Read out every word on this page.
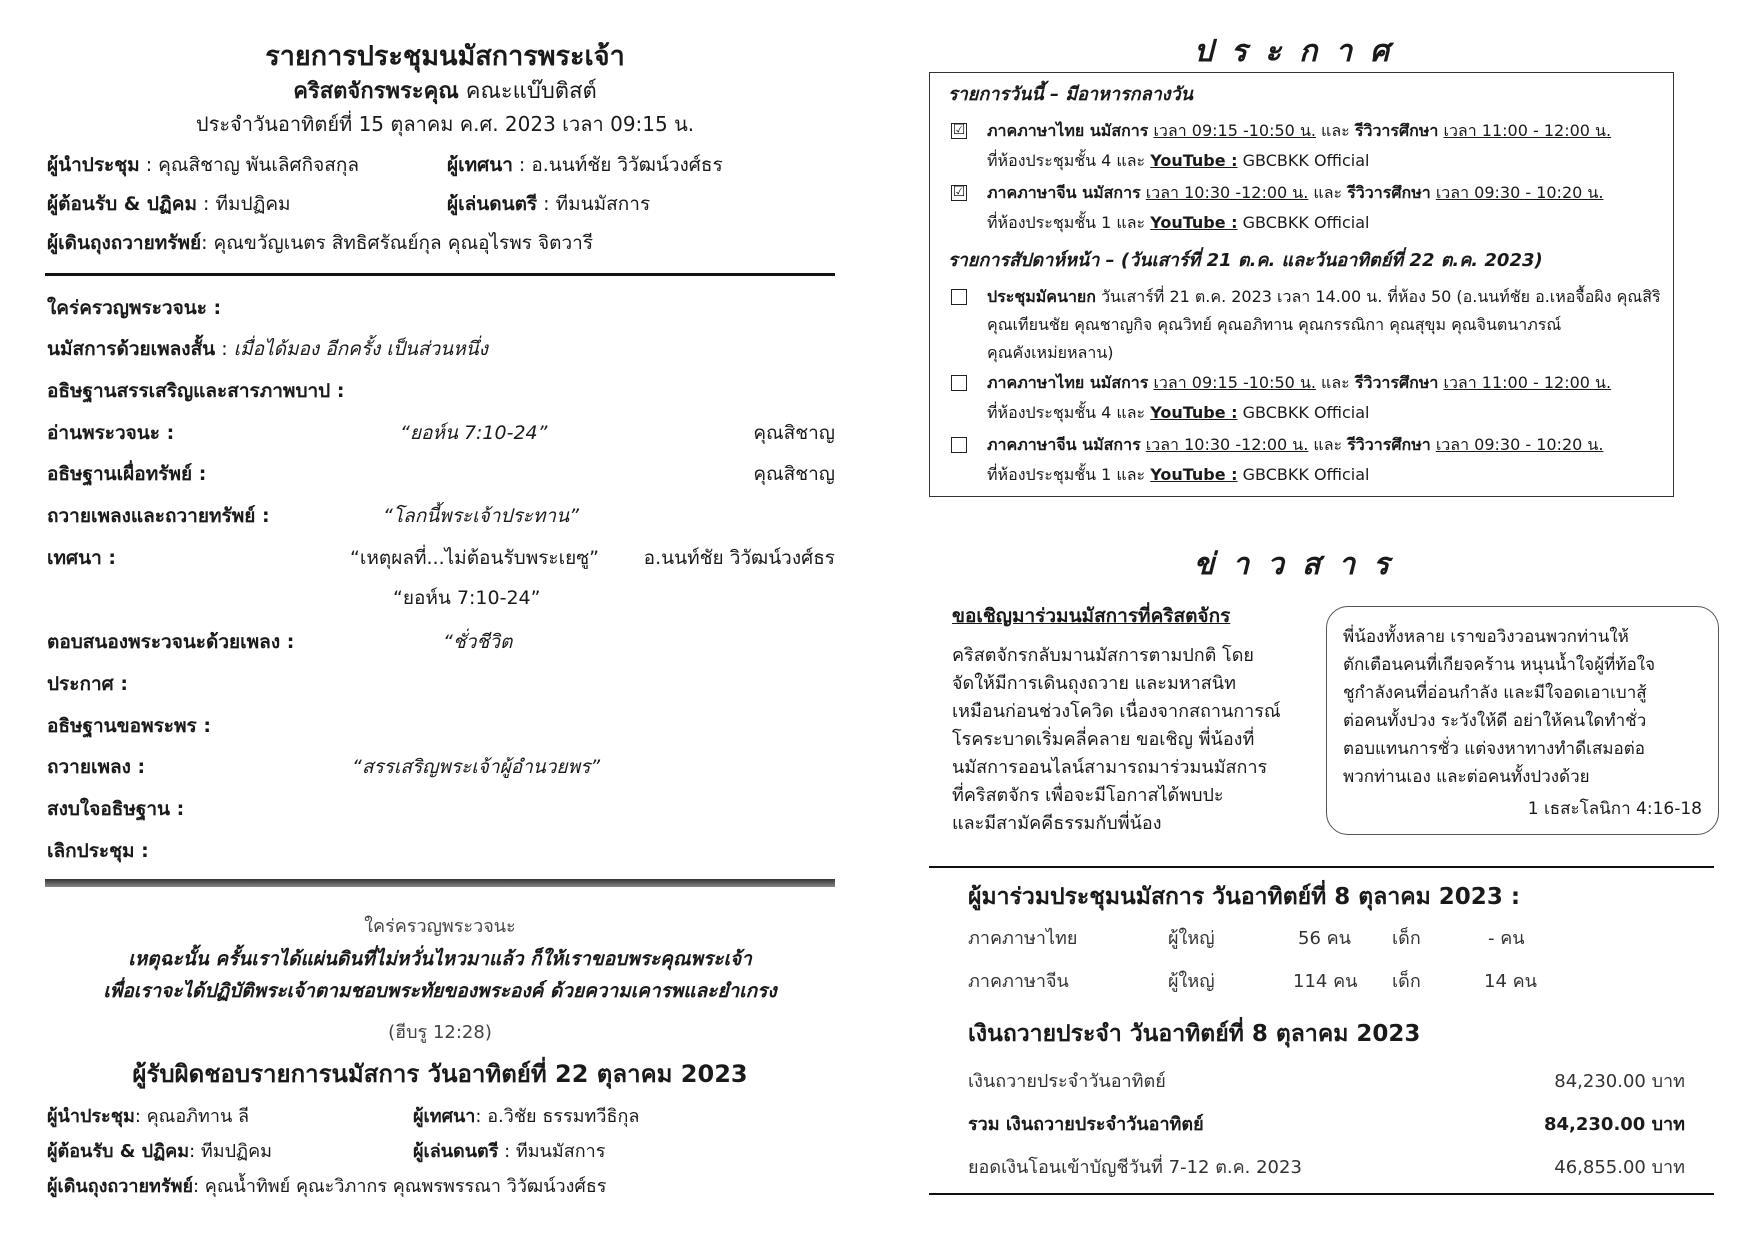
รายการประชุมนมัสการพระเจ้า
คริสตจักรพระคุณ คณะแบ๊บติสต์
ประจำวันอาทิตย์ที่ 15 ตุลาคม ค.ศ. 2023 เวลา 09:15 น.
ผู้นำประชุม : คุณสิชาญ พันเลิศกิจสกุล	ผู้เทศนา : อ.นนท์ชัย วิวัฒน์วงศ์ธร
ผู้ต้อนรับ & ปฏิคม : ทีมปฏิคม	ผู้เล่นดนตรี : ทีมนมัสการ
ผู้เดินถุงถวายทรัพย์: คุณขวัญเนตร สิทธิศรัณย์กุล คุณอุไรพร จิตวารี
ใคร่ครวญพระวจนะ :
นมัสการด้วยเพลงสั้น : เมื่อได้มอง อีกครั้ง เป็นส่วนหนึ่ง
อธิษฐานสรรเสริญและสารภาพบาป :
อ่านพระวจนะ :	“ยอห์น 7:10-24”	คุณสิชาญ
อธิษฐานเผื่อทรัพย์ :	คุณสิชาญ
ถวายเพลงและถวายทรัพย์ :	“โลกนี้พระเจ้าประทาน”
เทศนา :	“เหตุผลที่...ไม่ต้อนรับพระเยซู”	อ.นนท์ชัย วิวัฒน์วงศ์ธร
“ยอห์น 7:10-24”
ตอบสนองพระวจนะด้วยเพลง :	“ชั่วชีวิต
ประกาศ :
อธิษฐานขอพระพร :
ถวายเพลง :	“สรรเสริญพระเจ้าผู้อำนวยพร”
สงบใจอธิษฐาน :
เลิกประชุม :
ใคร่ครวญพระวจนะ
เหตุฉะนั้น ครั้นเราได้แผ่นดินที่ไม่หวั่นไหวมาแล้ว ก็ให้เราขอบพระคุณพระเจ้า
เพื่อเราจะได้ปฏิบัติพระเจ้าตามชอบพระทัยของพระองค์ ด้วยความเคารพและยำเกรง
(ฮีบรู 12:28)
ผู้รับผิดชอบรายการนมัสการ วันอาทิตย์ที่ 22 ตุลาคม 2023
ผู้นำประชุม: คุณอภิทาน ลี	ผู้เทศนา: อ.วิชัย ธรรมทวีธิกุล
ผู้ต้อนรับ & ปฏิคม: ทีมปฏิคม	ผู้เล่นดนตรี : ทีมนมัสการ
ผู้เดินถุงถวายทรัพย์: คุณน้ำทิพย์ คุณะวิภากร คุณพรพรรณา วิวัฒน์วงศ์ธร
ประกาศ
รายการวันนี้ – มีอาหารกลางวัน
☑ ภาคภาษาไทย นมัสการ เวลา 09:15 -10:50 น. และ รีวิวารศึกษา เวลา 11:00 - 12:00 น.
ที่ห้องประชุมชั้น 4 และ YouTube : GBCBKK Official
☑ ภาคภาษาจีน นมัสการ เวลา 10:30 -12:00 น. และ รีวิวารศึกษา เวลา 09:30 - 10:20 น.
ที่ห้องประชุมชั้น 1 และ YouTube : GBCBKK Official
รายการสัปดาห์หน้า – (วันเสาร์ที่ 21 ต.ค. และวันอาทิตย์ที่ 22 ต.ค. 2023)
ประชุมมัคนายก วันเสาร์ที่ 21 ต.ค. 2023 เวลา 14.00 น. ที่ห้อง 50 (อ.นนท์ชัย อ.เหอจื้อผิง คุณสิริ
คุณเทียนชัย คุณชาญกิจ คุณวิทย์ คุณอภิทาน คุณกรรณิกา คุณสุขุม คุณจินตนาภรณ์
คุณคังเหม่ยหลาน)
ภาคภาษาไทย นมัสการ เวลา 09:15 -10:50 น. และ รีวิวารศึกษา เวลา 11:00 - 12:00 น.
ที่ห้องประชุมชั้น 4 และ YouTube : GBCBKK Official
ภาคภาษาจีน นมัสการ เวลา 10:30 -12:00 น. และ รีวิวารศึกษา เวลา 09:30 - 10:20 น.
ที่ห้องประชุมชั้น 1 และ YouTube : GBCBKK Official
ข่าวสาร
ขอเชิญมาร่วมนมัสการที่คริสตจักร
คริสตจักรกลับมานมัสการตามปกติ โดย
จัดให้มีการเดินถุงถวาย และมหาสนิท
เหมือนก่อนช่วงโควิด เนื่องจากสถานการณ์
โรคระบาดเริ่มคลี่คลาย ขอเชิญ พี่น้องที่
นมัสการออนไลน์สามารถมาร่วมนมัสการ
ที่คริสตจักร เพื่อจะมีโอกาสได้พบปะ
และมีสามัคคีธรรมกับพี่น้อง
พี่น้องทั้งหลาย เราขอวิงวอนพวกท่านให้
ตักเตือนคนที่เกียจคร้าน หนุนน้ำใจผู้ที่ท้อใจ
ชูกำลังคนที่อ่อนกำลัง และมีใจอดเอาเบาสู้
ต่อคนทั้งปวง ระวังให้ดี อย่าให้คนใดทำชั่ว
ตอบแทนการชั่ว แต่จงหาทางทำดีเสมอต่อ
พวกท่านเอง และต่อคนทั้งปวงด้วย
1 เธสะโลนิกา 4:16-18
ผู้มาร่วมประชุมนมัสการ วันอาทิตย์ที่ 8 ตุลาคม 2023 :
ภาคภาษาไทย	ผู้ใหญ่	56 คน เด็ก	- คน
ภาคภาษาจีน	ผู้ใหญ่	114 คน เด็ก	14 คน
เงินถวายประจำ วันอาทิตย์ที่ 8 ตุลาคม 2023
เงินถวายประจำวันอาทิตย์	84,230.00 บาท
รวม เงินถวายประจำวันอาทิตย์	84,230.00 บาท
ยอดเงินโอนเข้าบัญชีวันที่ 7-12 ต.ค. 2023	46,855.00 บาท
